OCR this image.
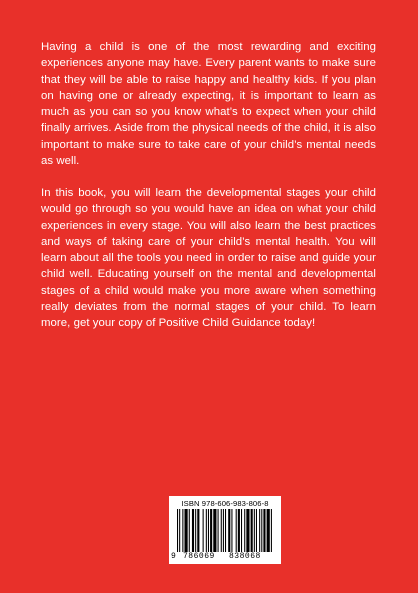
Having a child is one of the most rewarding and exciting experiences anyone may have. Every parent wants to make sure that they will be able to raise happy and healthy kids. If you plan on having one or already expecting, it is important to learn as much as you can so you know what’s to expect when your child finally arrives. Aside from the physical needs of the child, it is also important to make sure to take care of your child’s mental needs as well.

In this book, you will learn the developmental stages your child would go through so you would have an idea on what your child experiences in every stage. You will also learn the best practices and ways of taking care of your child’s mental health. You will learn about all the tools you need in order to raise and guide your child well. Educating yourself on the mental and developmental stages of a child would make you more aware when something really deviates from the normal stages of your child. To learn more, get your copy of Positive Child Guidance today!

ISBN 978-606-983-806-8
9 786069 838068
